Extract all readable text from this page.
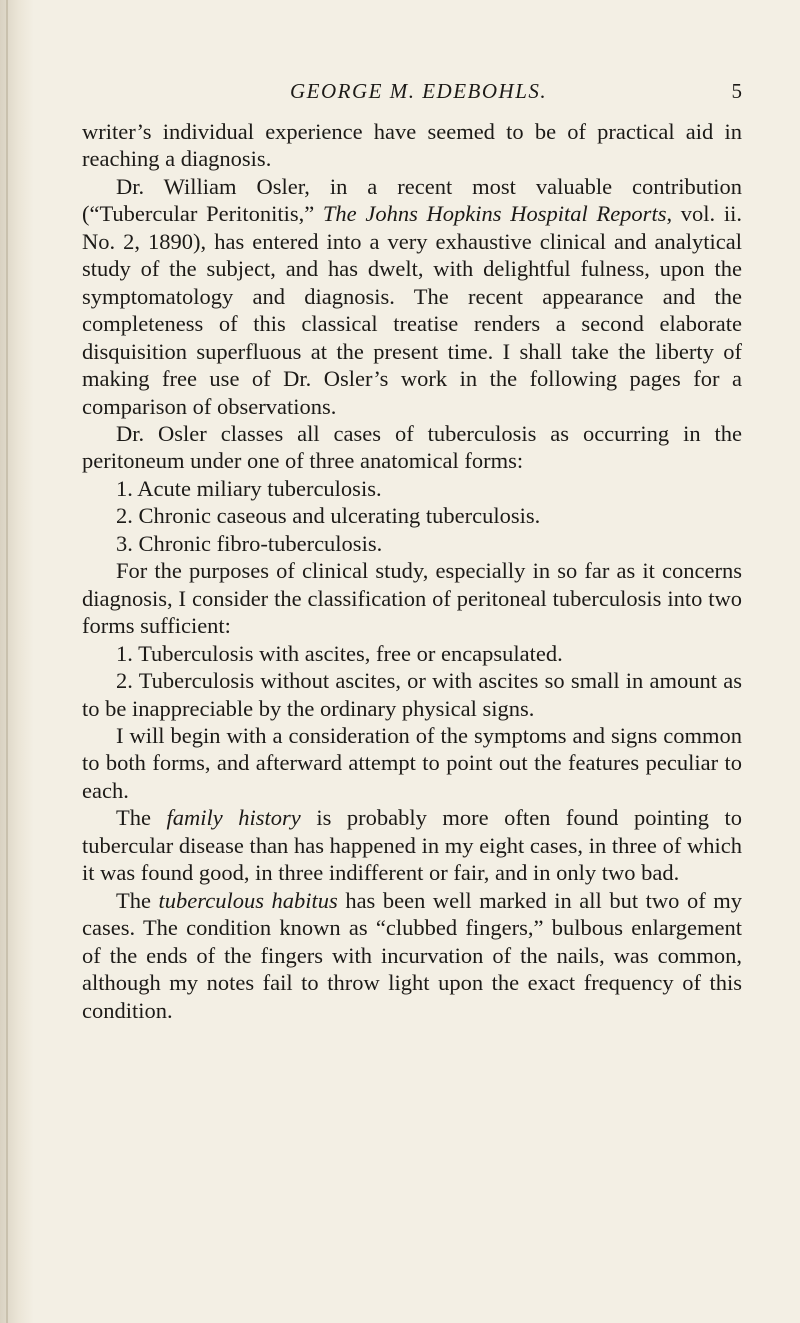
GEORGE M. EDEBOHLS.	5

writer’s individual experience have seemed to be of practical aid in reaching a diagnosis.

Dr. William Osler, in a recent most valuable contribution (“Tubercular Peritonitis,” The Johns Hopkins Hospital Reports, vol. ii. No. 2, 1890), has entered into a very exhaustive clinical and analytical study of the subject, and has dwelt, with delightful fulness, upon the symptomatology and diagnosis. The recent appearance and the completeness of this classical treatise renders a second elaborate disquisition superfluous at the present time. I shall take the liberty of making free use of Dr. Osler’s work in the following pages for a comparison of observations.

Dr. Osler classes all cases of tuberculosis as occurring in the peritoneum under one of three anatomical forms:

1. Acute miliary tuberculosis.

2. Chronic caseous and ulcerating tuberculosis.

3. Chronic fibro-tuberculosis.

For the purposes of clinical study, especially in so far as it concerns diagnosis, I consider the classification of peritoneal tuberculosis into two forms sufficient:

1. Tuberculosis with ascites, free or encapsulated.

2. Tuberculosis without ascites, or with ascites so small in amount as to be inappreciable by the ordinary physical signs.

I will begin with a consideration of the symptoms and signs common to both forms, and afterward attempt to point out the features peculiar to each.

The family history is probably more often found pointing to tubercular disease than has happened in my eight cases, in three of which it was found good, in three indifferent or fair, and in only two bad.

The tuberculous habitus has been well marked in all but two of my cases. The condition known as “clubbed fingers,” bulbous enlargement of the ends of the fingers with incurvation of the nails, was common, although my notes fail to throw light upon the exact frequency of this condition.
